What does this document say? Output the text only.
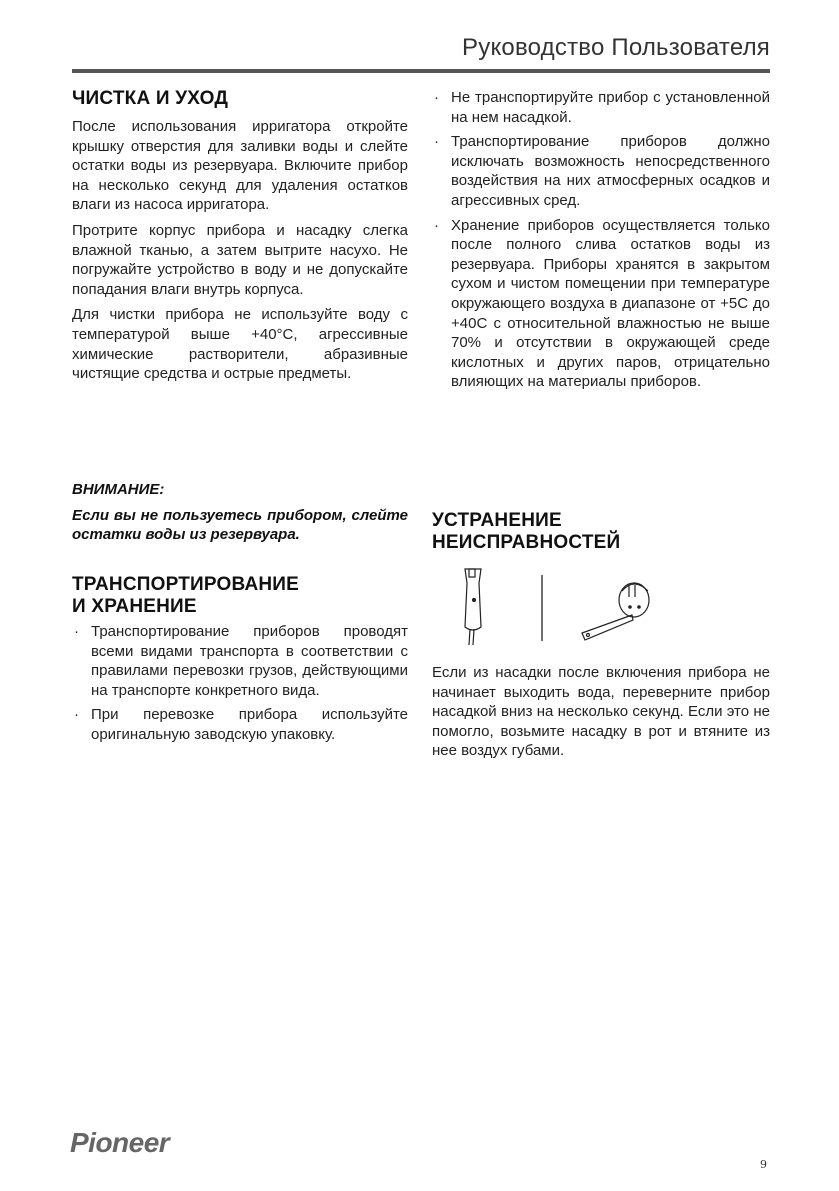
Руководство Пользователя
ЧИСТКА И УХОД

После использования ирригатора откройте крышку отверстия для заливки воды и слейте остатки воды из резервуара. Включите прибор на несколько секунд для удаления остатков влаги из насоса ирригатора.

Протрите корпус прибора и насадку слегка влажной тканью, а затем вытрите насухо. Не погружайте устройство в воду и не допускайте попадания влаги внутрь корпуса.

Для чистки прибора не используйте воду с температурой выше +40°С, агрессивные химические растворители, абразивные чистящие средства и острые предметы.

ВНИМАНИЕ:

Если вы не пользуетесь прибором, слейте остатки воды из резервуара.

ТРАНСПОРТИРОВАНИЕ
И ХРАНЕНИЕ
· Транспортирование приборов проводят всеми видами транспорта в соответствии с правилами перевозки грузов, действующими на транспорте конкретного вида.
· При перевозке прибора используйте оригинальную заводскую упаковку.
· Не транспортируйте прибор с установленной на нем насадкой.
· Транспортирование приборов должно исключать возможность непосредственного воздействия на них атмосферных осадков и агрессивных сред.
· Хранение приборов осуществляется только после полного слива остатков воды из резервуара. Приборы хранятся в закрытом сухом и чистом помещении при температуре окружающего воздуха в диапазоне от +5С до +40С с относительной влажностью не выше 70% и отсутствии в окружающей среде кислотных и других паров, отрицательно влияющих на материалы приборов.
УСТРАНЕНИЕ
НЕИСПРАВНОСТЕЙ

Если из насадки после включения прибора не начинает выходить вода, переверните прибор насадкой вниз на несколько секунд. Если это не помогло, возьмите насадку в рот и втяните из нее воздух губами.

Pioneer
9
